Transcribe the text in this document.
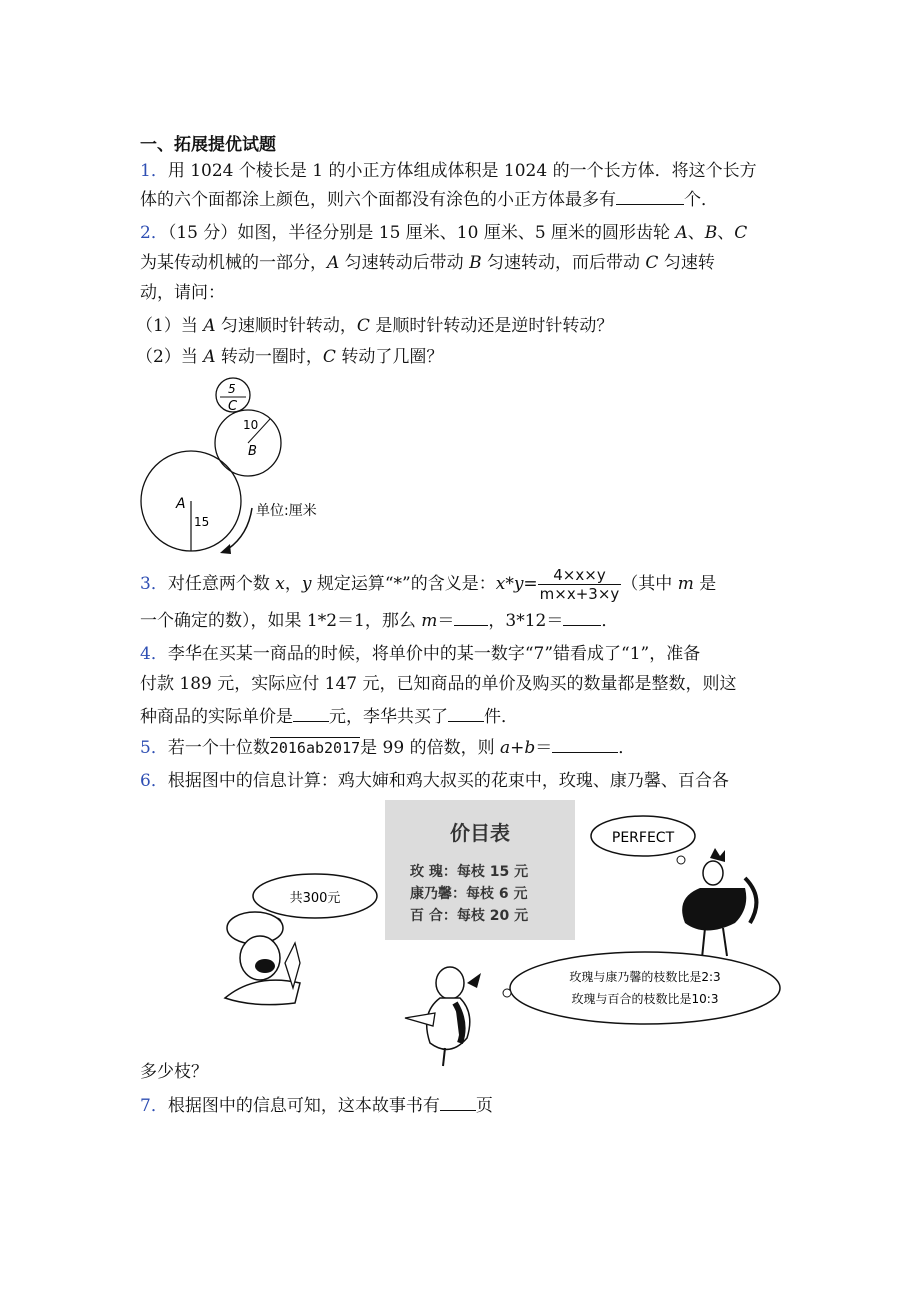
一、拓展提优试题
1．用 1024 个棱长是 1 的小正方体组成体积是 1024 的一个长方体．将这个长方
体的六个面都涂上颜色，则六个面都没有涂色的小正方体最多有	个．
2．（15 分）如图，半径分别是 15 厘米、10 厘米、5 厘米的圆形齿轮 A、B、C
为某传动机械的一部分，A 匀速转动后带动 B 匀速转动，而后带动 C 匀速转
动，请问：
（1）当 A 匀速顺时针转动，C 是顺时针转动还是逆时针转动？
（2）当 A 转动一圈时，C 转动了几圈？
5
C
10
B
A
15
单位:厘米
3．对任意两个数 x，y 规定运算“*”的含义是：$x*y= \frac{4\times x\times y}{m\times x+3\times y}$ （其中 m 是
一个确定的数），如果 1*2＝1，那么 m＝ ，3*12＝ ．
4．李华在买某一商品的时候，将单价中的某一数字“7”错看成了“1”，准备
付款 189 元，实际应付 147 元，已知商品的单价及购买的数量都是整数，则这
种商品的实际单价是 元，李华共买了 件．
5．若一个十位数2016ab2017是 99 的倍数，则 a+b＝	．
6．根据图中的信息计算：鸡大婶和鸡大叔买的花束中，玫瑰、康乃馨、百合各
价目表
玫 瑰：每枝 15 元
康乃馨：每枝 6 元
百 合：每枝 20 元
共300元
PERFECT
玫瑰与康乃馨的枝数比是2:3
玫瑰与百合的枝数比是10:3
多少枝？
7．根据图中的信息可知，这本故事书有 页
